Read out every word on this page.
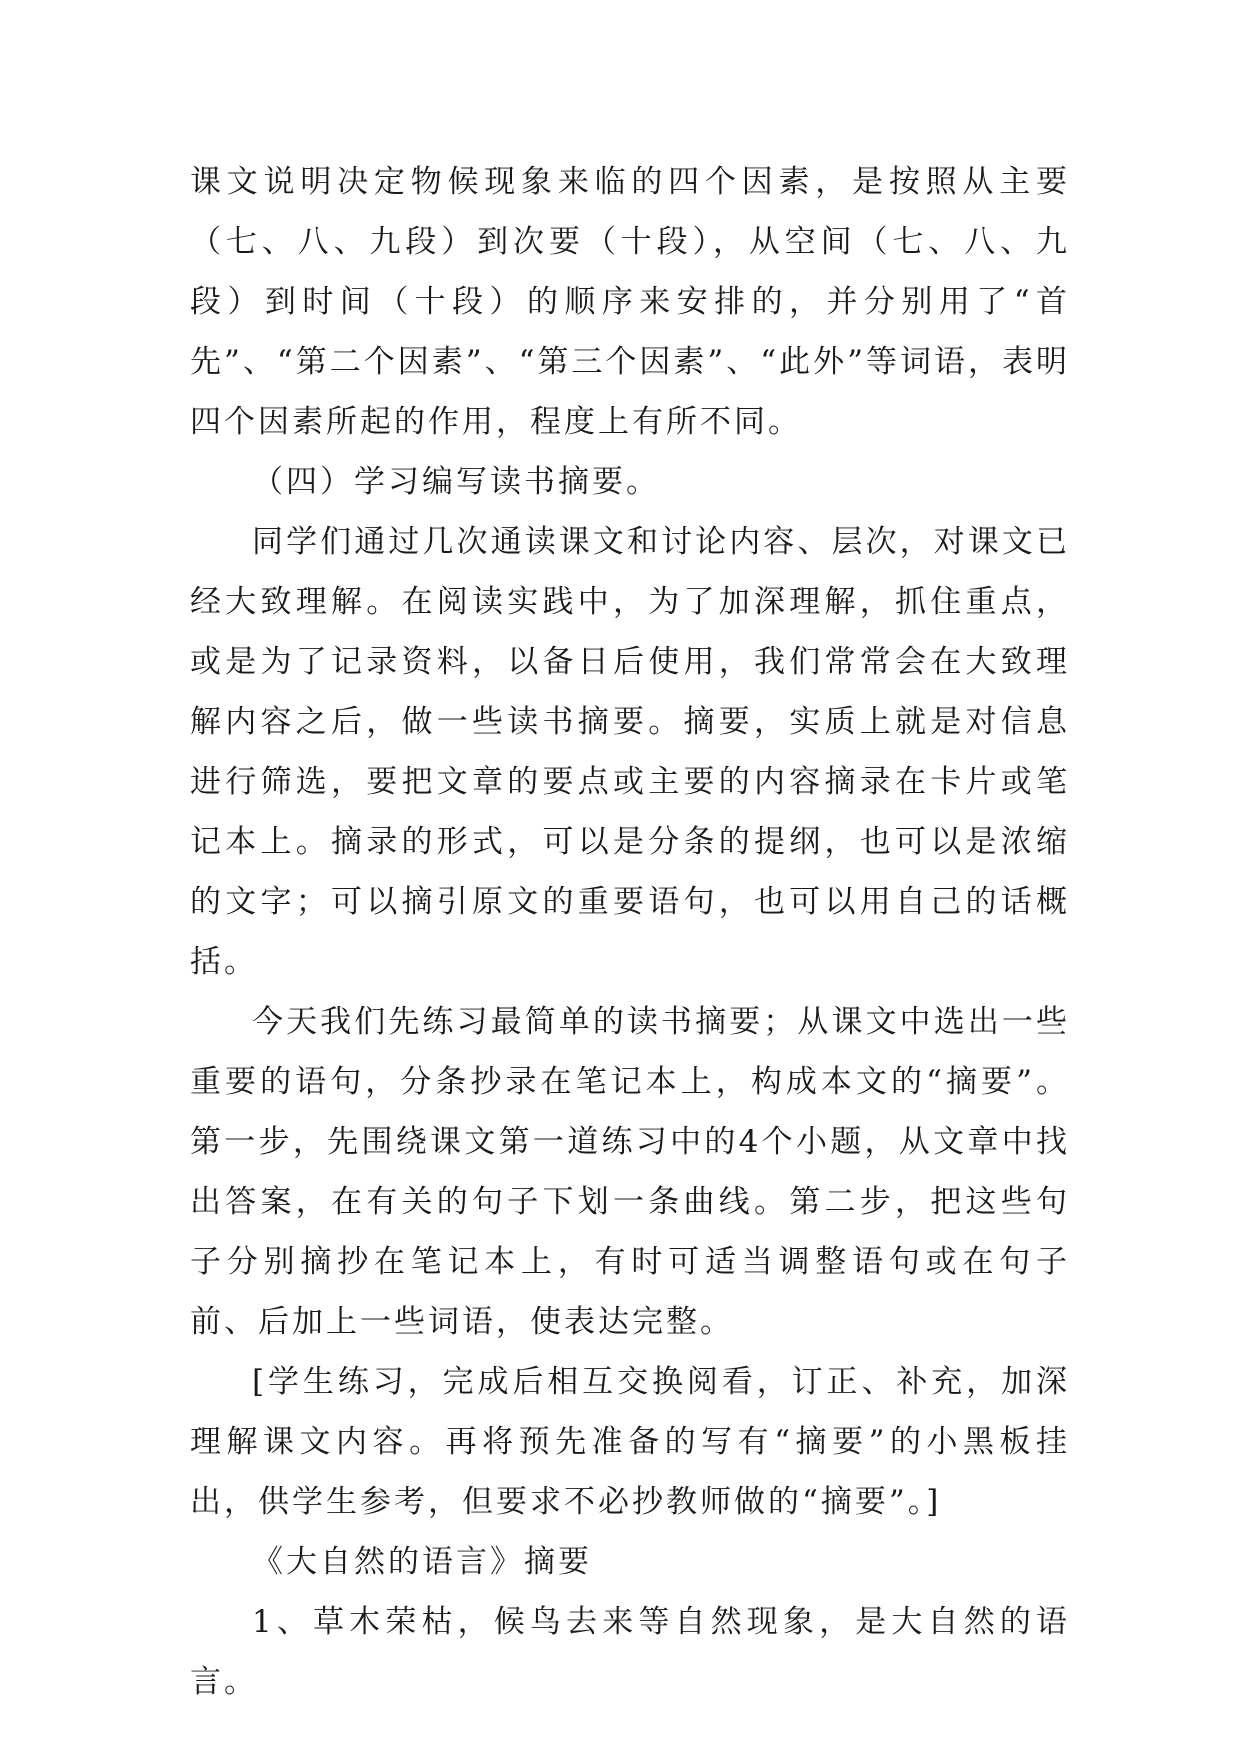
课文说明决定物候现象来临的四个因素，是按照从主要（七、八、九段）到次要（十段），从空间（七、八、九段）到时间（十段）的顺序来安排的，并分别用了“首先”、“第二个因素”、“第三个因素”、“此外”等词语，表明四个因素所起的作用，程度上有所不同。

（四）学习编写读书摘要。

同学们通过几次通读课文和讨论内容、层次，对课文已经大致理解。在阅读实践中，为了加深理解，抓住重点，或是为了记录资料，以备日后使用，我们常常会在大致理解内容之后，做一些读书摘要。摘要，实质上就是对信息进行筛选，要把文章的要点或主要的内容摘录在卡片或笔记本上。摘录的形式，可以是分条的提纲，也可以是浓缩的文字；可以摘引原文的重要语句，也可以用自己的话概括。

今天我们先练习最简单的读书摘要；从课文中选出一些重要的语句，分条抄录在笔记本上，构成本文的“摘要”。第一步，先围绕课文第一道练习中的4个小题，从文章中找出答案，在有关的句子下划一条曲线。第二步，把这些句子分别摘抄在笔记本上，有时可适当调整语句或在句子前、后加上一些词语，使表达完整。

[学生练习，完成后相互交换阅看，订正、补充，加深理解课文内容。再将预先准备的写有“摘要”的小黑板挂出，供学生参考，但要求不必抄教师做的“摘要”。]

《大自然的语言》摘要

1、草木荣枯，候鸟去来等自然现象，是大自然的语言。
